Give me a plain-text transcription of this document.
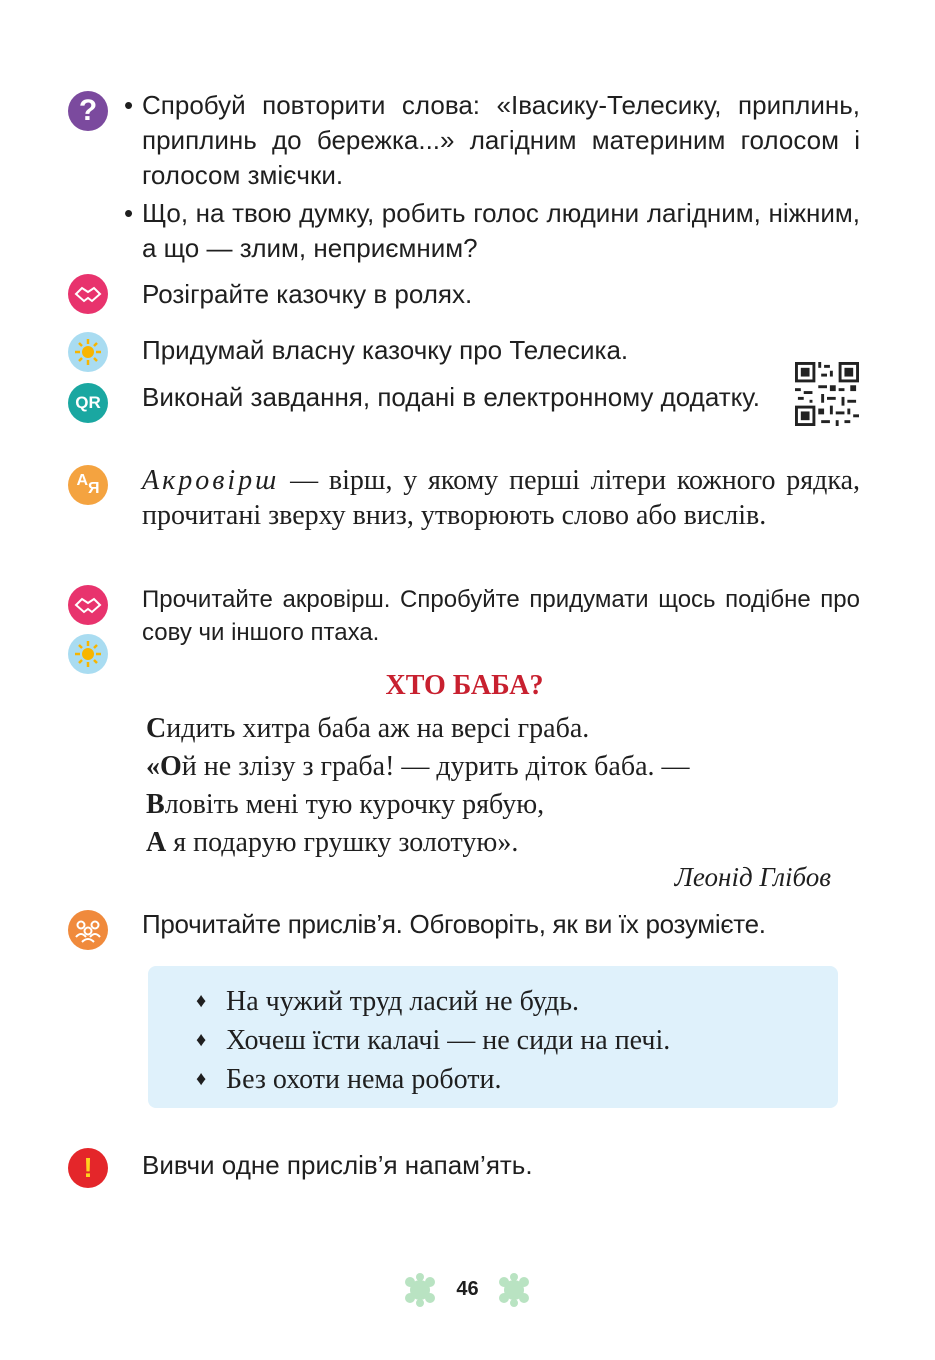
? • Спробуй повторити слова: «Івасику-Телесику, приплинь, приплинь до бережка...» лагідним материним голосом і голосом змієчки.
• Що, на твою думку, робить голос людини лагідним, ніжним, а що — злим, неприємним?
Розіграйте казочку в ролях.
Придумай власну казочку про Телесика.
QR Виконай завдання, подані в електронному додатку.
А Я Акровірш — вірш, у якому перші літери кожного рядка, прочитані зверху вниз, утворюють слово або вислів.
Прочитайте акровірш. Спробуйте придумати щось подібне про сову чи іншого птаха.
ХТО БАБА?
Сидить хитра баба аж на версі граба.
«Ой не злізу з граба! — дурить діток баба. —
Вловіть мені тую курочку рябую,
А я подарую грушку золотую».
Леонід Глібов
Прочитайте прислів’я. Обговоріть, як ви їх розумієте.
♦ На чужий труд ласий не будь.
♦ Хочеш їсти калачі — не сиди на печі.
♦ Без охоти нема роботи.
! Вивчи одне прислів’я напам’ять.
46
